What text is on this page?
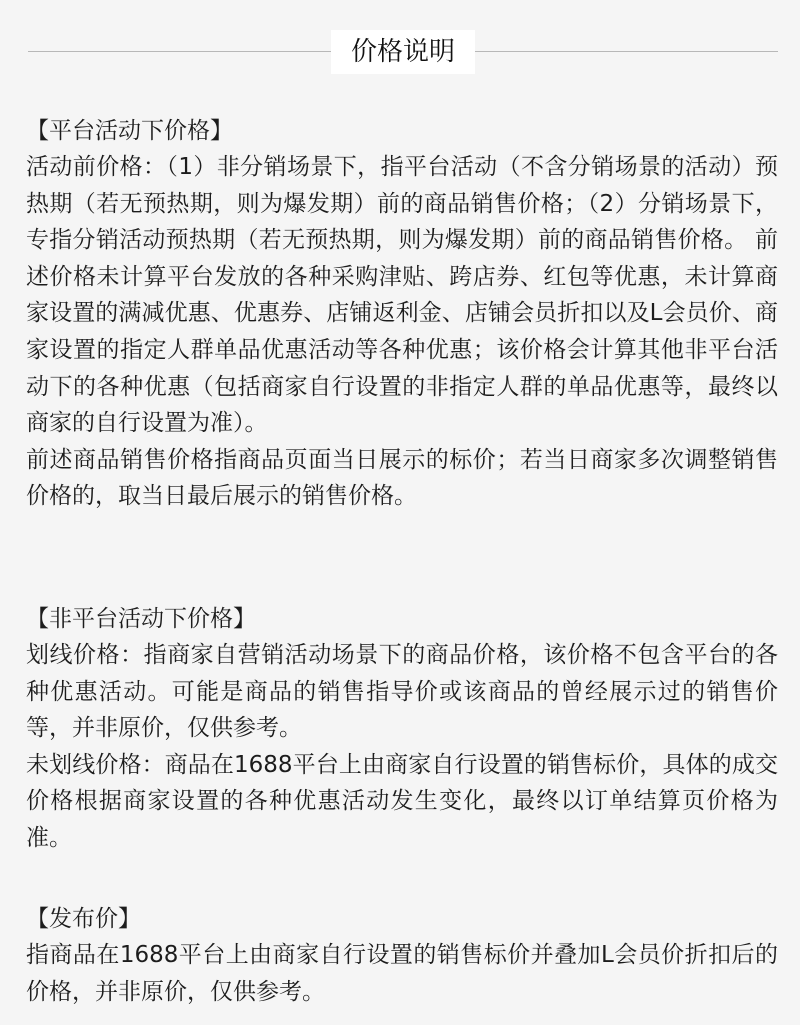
价格说明

【平台活动下价格】

活动前价格：（1）非分销场景下，指平台活动（不含分销场景的活动）预热期（若无预热期，则为爆发期）前的商品销售价格；（2）分销场景下，专指分销活动预热期（若无预热期，则为爆发期）前的商品销售价格。 前述价格未计算平台发放的各种采购津贴、跨店券、红包等优惠，未计算商家设置的满减优惠、优惠券、店铺返利金、店铺会员折扣以及L会员价、商家设置的指定人群单品优惠活动等各种优惠；该价格会计算其他非平台活动下的各种优惠（包括商家自行设置的非指定人群的单品优惠等，最终以商家的自行设置为准）。

前述商品销售价格指商品页面当日展示的标价；若当日商家多次调整销售价格的，取当日最后展示的销售价格。

【非平台活动下价格】

划线价格：指商家自营销活动场景下的商品价格，该价格不包含平台的各种优惠活动。可能是商品的销售指导价或该商品的曾经展示过的销售价等，并非原价，仅供参考。

未划线价格：商品在1688平台上由商家自行设置的销售标价，具体的成交价格根据商家设置的各种优惠活动发生变化，最终以订单结算页价格为准。

【发布价】

指商品在1688平台上由商家自行设置的销售标价并叠加L会员价折扣后的价格，并非原价，仅供参考。
